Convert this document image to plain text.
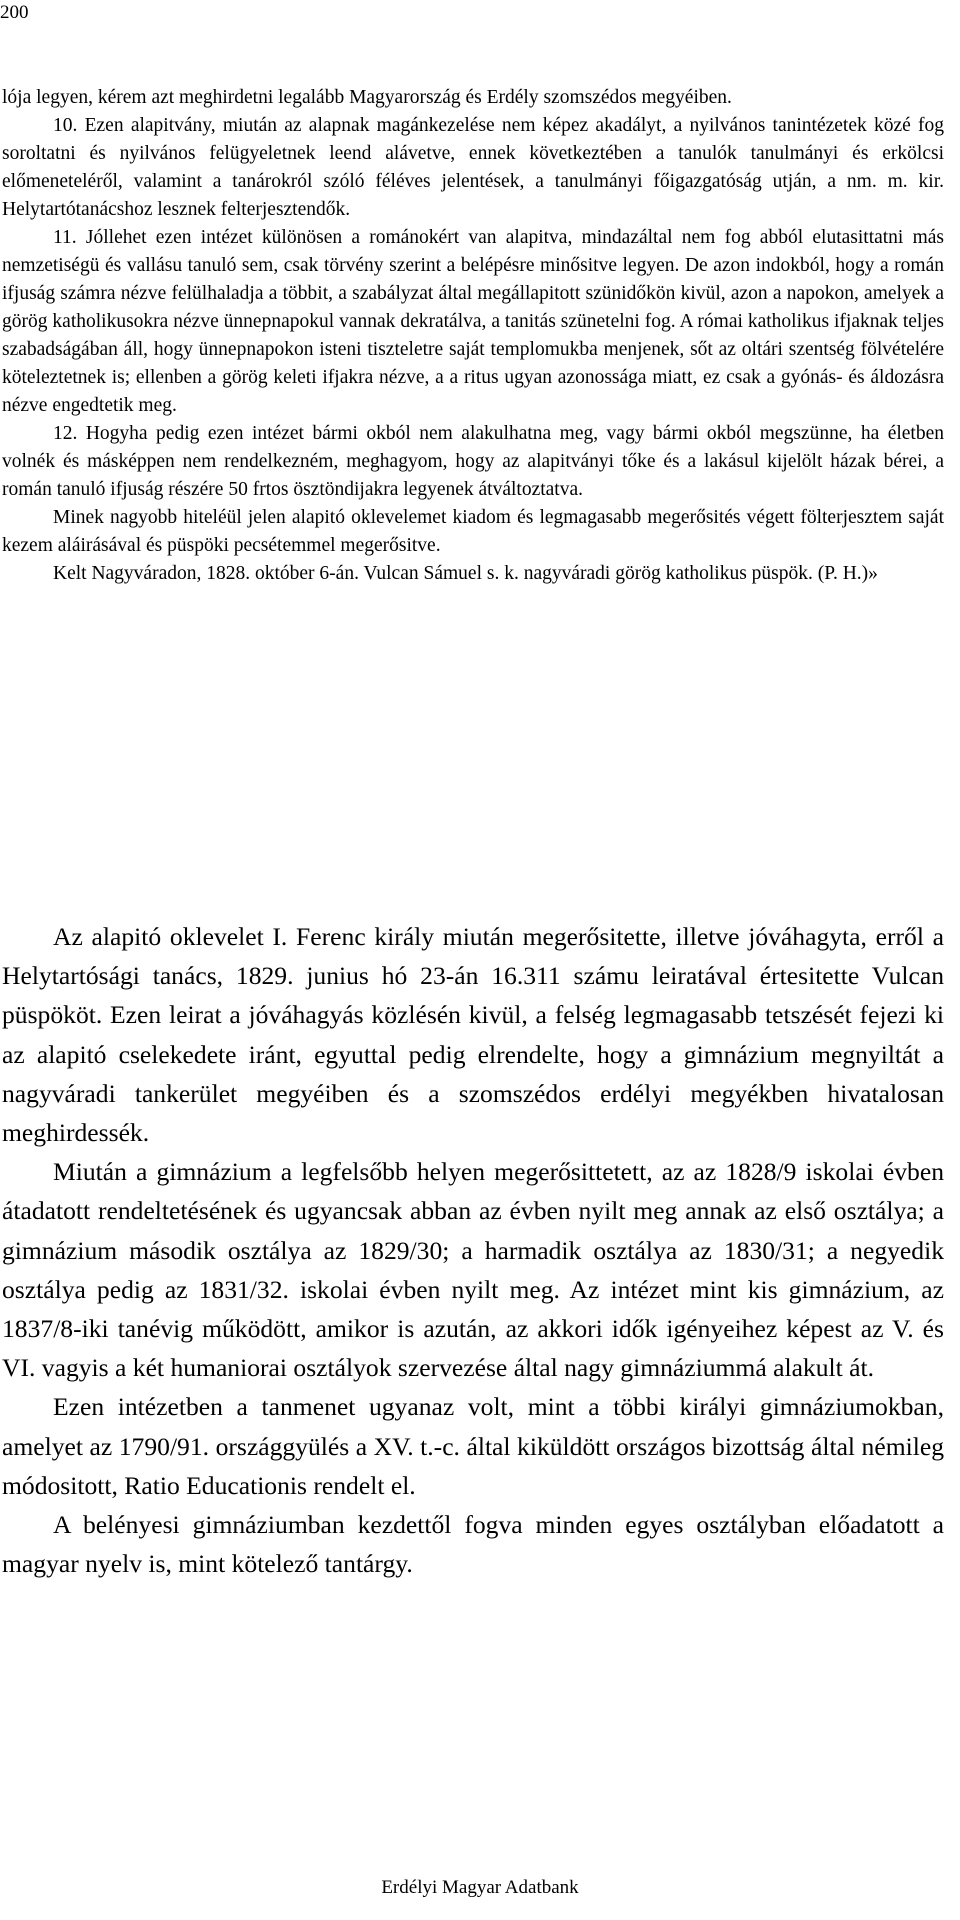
200

lója legyen, kérem azt meghirdetni legalább Magyarország és Erdély szomszédos megyéiben.

10. Ezen alapitvány, miután az alapnak magánkezelése nem képez akadályt, a nyilvános tanintézetek közé fog soroltatni és nyilvános felügyeletnek leend alávetve, ennek következtében a tanulók tanulmányi és erkölcsi előmeneteléről, valamint a tanárokról szóló féléves jelentések, a tanulmányi főigazgatóság utján, a nm. m. kir. Helytartótanácshoz lesznek felterjesztendők.

11. Jóllehet ezen intézet különösen a románokért van alapitva, mindazáltal nem fog abból elutasittatni más nemzetiségü és vallásu tanuló sem, csak törvény szerint a belépésre minősitve legyen. De azon indokból, hogy a román ifjuság számra nézve felülhaladja a többit, a szabályzat által megállapitott szünidőkön kivül, azon a napokon, amelyek a görög katholikusokra nézve ünnepnapokul vannak dekratálva, a tanitás szünetelni fog. A római katholikus ifjaknak teljes szabadságában áll, hogy ünnepnapokon isteni tiszteletre saját templomukba menjenek, sőt az oltári szentség fölvételére köteleztetnek is; ellenben a görög keleti ifjakra nézve, a a ritus ugyan azonossága miatt, ez csak a gyónás- és áldozásra nézve engedtetik meg.

12. Hogyha pedig ezen intézet bármi okból nem alakulhatna meg, vagy bármi okból megszünne, ha életben volnék és másképpen nem rendelkezném, meghagyom, hogy az alapitványi tőke és a lakásul kijelölt házak bérei, a román tanuló ifjuság részére 50 frtos ösztöndijakra legyenek átváltoztatva.

Minek nagyobb hiteléül jelen alapitó oklevelemet kiadom és legmagasabb megerősités végett fölterjesztem saját kezem aláirásával és püspöki pecsétemmel megerősitve.

Kelt Nagyváradon, 1828. október 6-án. Vulcan Sámuel s. k. nagyváradi görög katholikus püspök. (P. H.)»

Az alapitó oklevelet I. Ferenc király miután megerősitette, illetve jóváhagyta, erről a Helytartósági tanács, 1829. junius hó 23-án 16.311 számu leiratával értesitette Vulcan püspököt. Ezen leirat a jóváhagyás közlésén kivül, a felség legmagasabb tetszését fejezi ki az alapitó cselekedete iránt, egyuttal pedig elrendelte, hogy a gimnázium megnyiltát a nagyváradi tankerület megyéiben és a szomszédos erdélyi megyékben hivatalosan meghirdessék.

Miután a gimnázium a legfelsőbb helyen megerősittetett, az az 1828/9 iskolai évben átadatott rendeltetésének és ugyancsak abban az évben nyilt meg annak az első osztálya; a gimnázium második osztálya az 1829/30; a harmadik osztálya az 1830/31; a negyedik osztálya pedig az 1831/32. iskolai évben nyilt meg. Az intézet mint kis gimnázium, az 1837/8-iki tanévig működött, amikor is azután, az akkori idők igényeihez képest az V. és VI. vagyis a két humaniorai osztályok szervezése által nagy gimnáziummá alakult át.

Ezen intézetben a tanmenet ugyanaz volt, mint a többi királyi gimnáziumokban, amelyet az 1790/91. országgyülés a XV. t.-c. által kiküldött országos bizottság által némileg módositott, Ratio Educationis rendelt el.

A belényesi gimnáziumban kezdettől fogva minden egyes osztályban előadatott a magyar nyelv is, mint kötelező tantárgy.

Erdélyi Magyar Adatbank
